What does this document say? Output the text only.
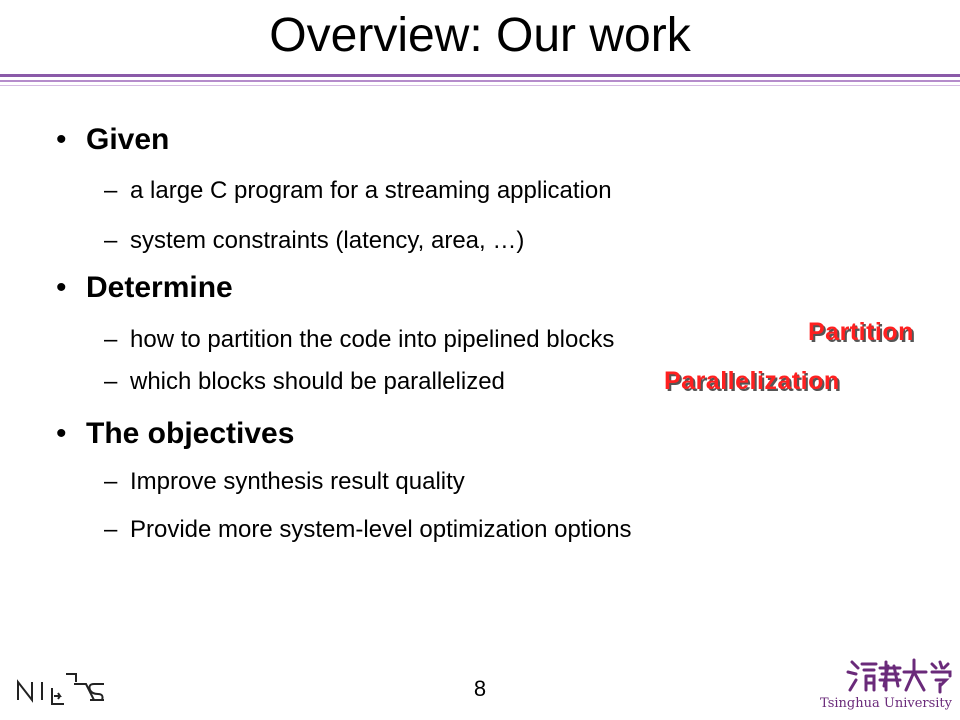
Overview: Our work
• Given
– a large C program for a streaming application
– system constraints (latency, area, …)
• Determine
– how to partition the code into pipelined blocks
– which blocks should be parallelized
• The objectives
– Improve synthesis result quality
– Provide more system-level optimization options
Partition
Parallelization
8
Tsinghua University
